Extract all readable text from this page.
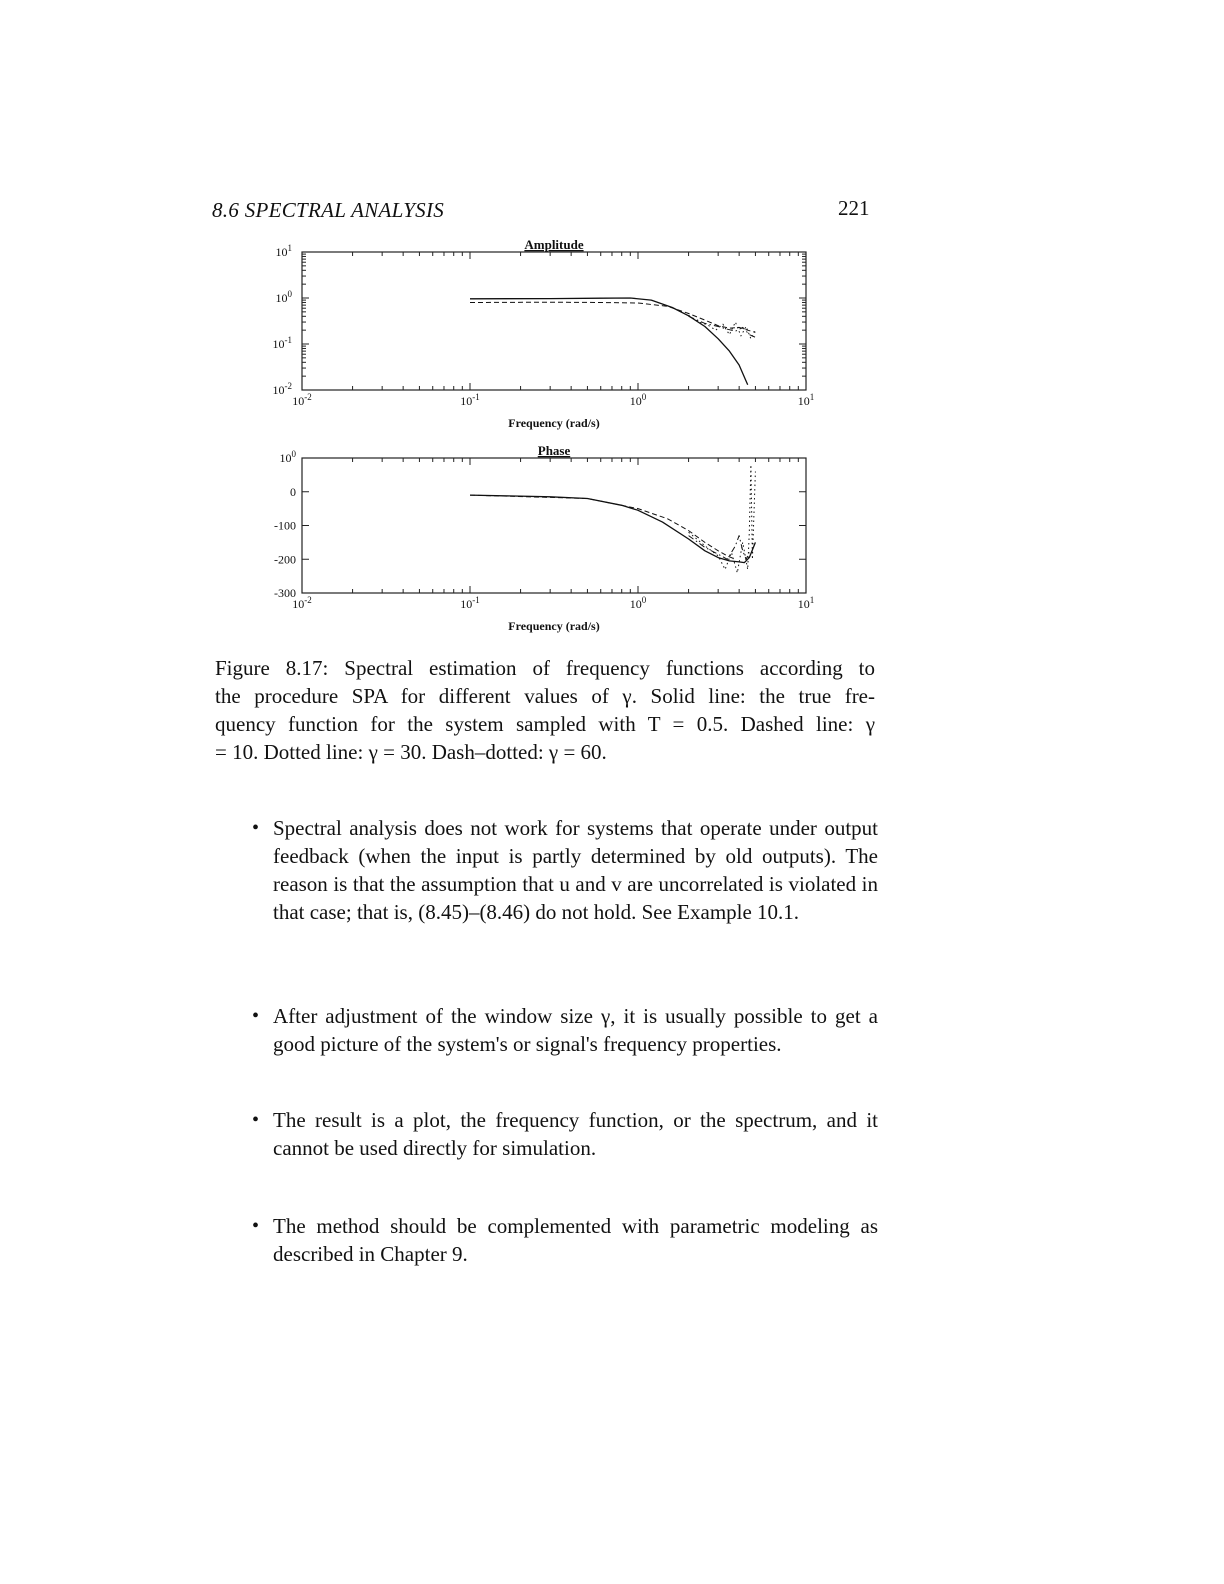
8.6 SPECTRAL ANALYSIS	221
$10^{-2}$	$10^{-1}$	$10^0$	$10^1$
$10^1$
$10^0$
$10^{-1}$
$10^{-2}$
Amplitude
Frequency (rad/s)
$10^{-2}$	$10^{-1}$	$10^0$	$10^1$
$10^0$
0
-100
-200
-300
Phase
Frequency (rad/s)
Figure 8.17: Spectral estimation of frequency functions according to
the procedure SPA for different values of γ. Solid line: the true fre-
quency function for the system sampled with T = 0.5. Dashed line: γ
= 10. Dotted line: γ = 30. Dash–dotted: γ = 60.
• Spectral analysis does not work for systems that operate under output feedback (when the input is partly determined by old outputs). The reason is that the assumption that u and v are uncorrelated is violated in that case; that is, (8.45)–(8.46) do not hold. See Example 10.1.
• After adjustment of the window size γ, it is usually possible to get a good picture of the system's or signal's frequency properties.
• The result is a plot, the frequency function, or the spectrum, and it cannot be used directly for simulation.
• The method should be complemented with parametric modeling as described in Chapter 9.
